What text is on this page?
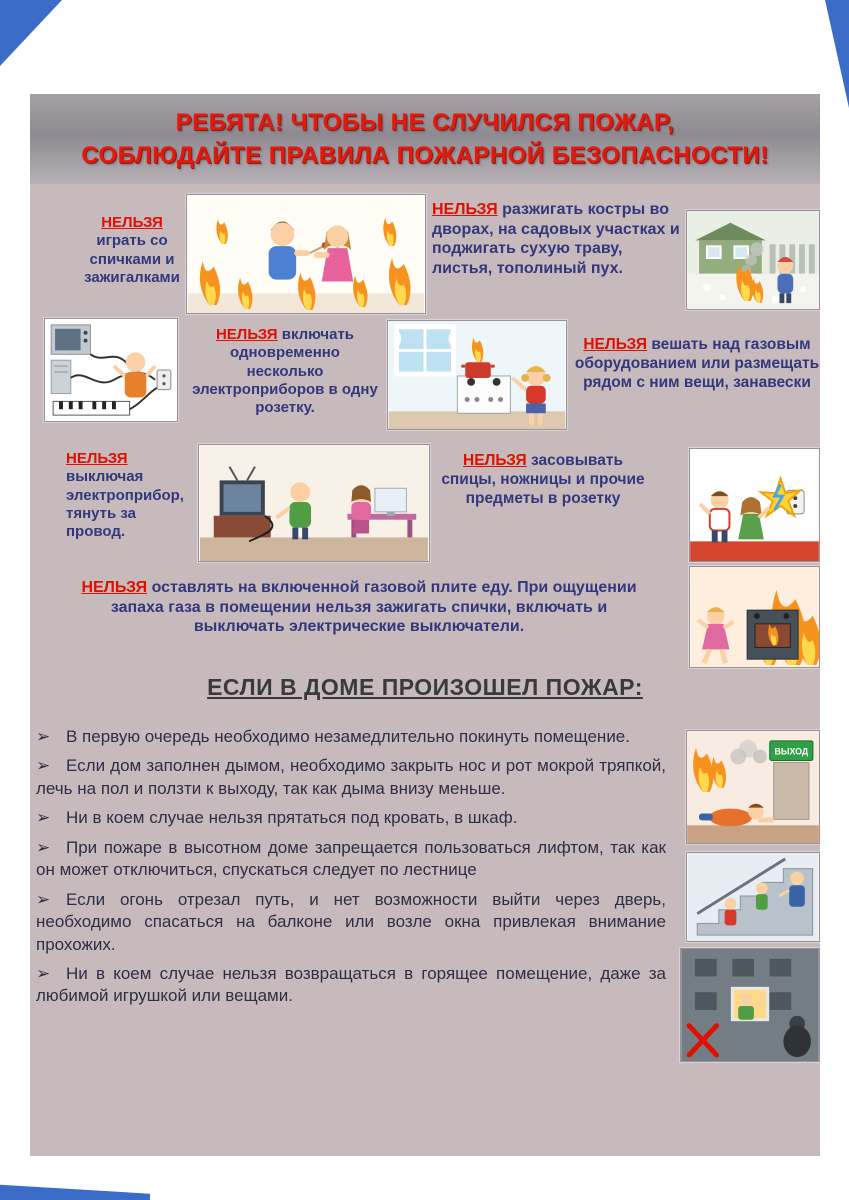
РЕБЯТА! ЧТОБЫ НЕ СЛУЧИЛСЯ ПОЖАР,
СОБЛЮДАЙТЕ ПРАВИЛА ПОЖАРНОЙ БЕЗОПАСНОСТИ!
НЕЛЬЗЯ
играть со спичками и зажигалками
НЕЛЬЗЯ разжигать костры во дворах, на садовых участках и поджигать сухую траву, листья, тополиный пух.
НЕЛЬЗЯ включать одновременно несколько электроприборов в одну розетку.
НЕЛЬЗЯ вешать над газовым оборудованием или размещать рядом с ним вещи, занавески
НЕЛЬЗЯ
выключая электроприбор, тянуть за провод.
НЕЛЬЗЯ засовывать спицы, ножницы и прочие предметы в розетку
НЕЛЬЗЯ оставлять на включенной газовой плите еду. При ощущении запаха газа в помещении нельзя зажигать спички, включать и выключать электрические выключатели.
ЕСЛИ В ДОМЕ ПРОИЗОШЕЛ ПОЖАР:

➢ В первую очередь необходимо незамедлительно покинуть помещение.

➢ Если дом заполнен дымом, необходимо закрыть нос и рот мокрой тряпкой, лечь на пол и ползти к выходу, так как дыма внизу меньше.

➢ Ни в коем случае нельзя прятаться под кровать, в шкаф.

➢ При пожаре в высотном доме запрещается пользоваться лифтом, так как он может отключиться, спускаться следует по лестнице

➢ Если огонь отрезал путь, и нет возможности выйти через дверь, необходимо спасаться на балконе или возле окна привлекая внимание прохожих.

➢ Ни в коем случае нельзя возвращаться в горящее помещение, даже за любимой игрушкой или вещами.

ВЫХОД
